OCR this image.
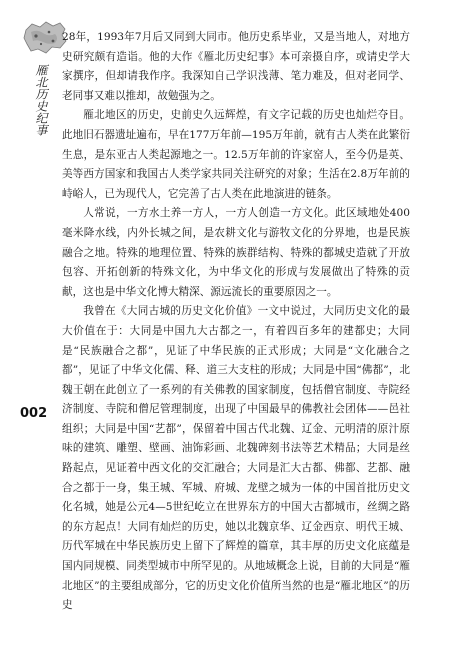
雁北历史纪事
002

28年，1993年7月后又同到大同市。他历史系毕业，又是当地人，对地方史研究颇有造诣。他的大作《雁北历史纪事》本可亲摄自序，或请史学大家撰序，但却请我作序。我深知自己学识浅薄、笔力难及，但对老同学、老同事又难以推却，故勉强为之。

雁北地区的历史，史前史久远辉煌，有文字记载的历史也灿烂夺目。此地旧石器遗址遍布，早在177万年前—195万年前，就有古人类在此繁衍生息，是东亚古人类起源地之一。12.5万年前的许家窑人，至今仍是英、美等西方国家和我国古人类学家共同关注研究的对象；生活在2.8万年前的峙峪人，已为现代人，它完善了古人类在此地演进的链条。

人常说，一方水土养一方人，一方人创造一方文化。此区域地处400毫米降水线，内外长城之间，是农耕文化与游牧文化的分界地，也是民族融合之地。特殊的地理位置、特殊的族群结构、特殊的都城史造就了开放包容、开拓创新的特殊文化，为中华文化的形成与发展做出了特殊的贡献，这也是中华文化博大精深、源远流长的重要原因之一。

我曾在《大同古城的历史文化价值》一文中说过，大同历史文化的最大价值在于：大同是中国九大古都之一，有着四百多年的建都史；大同是“民族融合之都”，见证了中华民族的正式形成；大同是“文化融合之都”，见证了中华文化儒、释、道三大支柱的形成；大同是中国“佛都”，北魏王朝在此创立了一系列的有关佛教的国家制度，包括僧官制度、寺院经济制度、寺院和僧尼管理制度，出现了中国最早的佛教社会团体——邑社组织；大同是中国“艺都”，保留着中国古代北魏、辽金、元明清的原汁原味的建筑、雕塑、壁画、油饰彩画、北魏碑刻书法等艺术精品；大同是丝路起点，见证着中西文化的交汇融合；大同是汇大古都、佛都、艺都、融合之都于一身，集王城、军城、府城、龙壁之城为一体的中国首批历史文化名城，她是公元4—5世纪屹立在世界东方的中国大古都城市，丝绸之路的东方起点！大同有灿烂的历史，她以北魏京华、辽金西京、明代王城、历代军城在中华民族历史上留下了辉煌的篇章，其丰厚的历史文化底蕴是国内同规模、同类型城市中所罕见的。从地域概念上说，目前的大同是“雁北地区”的主要组成部分，它的历史文化价值所当然的也是“雁北地区”的历史
